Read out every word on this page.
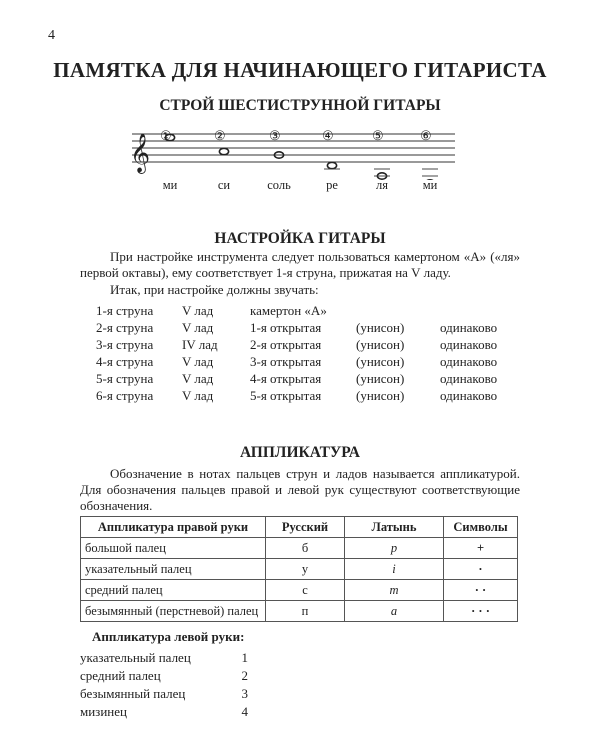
4
ПАМЯТКА ДЛЯ НАЧИНАЮЩЕГО ГИТАРИСТА
СТРОЙ ШЕСТИСТРУННОЙ ГИТАРЫ
𝄞 ①	②	③	④	⑤	⑥
ми	си	соль	ре	ля	ми
НАСТРОЙКА ГИТАРЫ
При настройке инструмента следует пользоваться камертоном «А» («ля» первой октавы), ему соответствует 1-я струна, прижатая на V ладу.
Итак, при настройке должны звучать:
1-я струна V лад	камертон «А»
2-я струна V лад	1-я открытая	(унисон)	одинаково
3-я струна IV лад 2-я открытая	(унисон)	одинаково
4-я струна V лад	3-я открытая	(унисон)	одинаково
5-я струна V лад	4-я открытая	(унисон)	одинаково
6-я струна V лад	5-я открытая	(унисон)	одинаково
АППЛИКАТУРА
Обозначение в нотах пальцев струн и ладов называется аппликатурой. Для обозначения пальцев правой и левой рук существуют соответствующие обозначения.
Аппликатура правой руки	Русский	Латынь	Символы
большой палец	б	p	+
указательный палец	у	i	·
средний палец	с	m	· ·
безымянный (перстневой) палец	п	a	· · ·
Аппликатура левой руки:
указательный палец	1
средний палец	2
безымянный палец	3
мизинец	4
